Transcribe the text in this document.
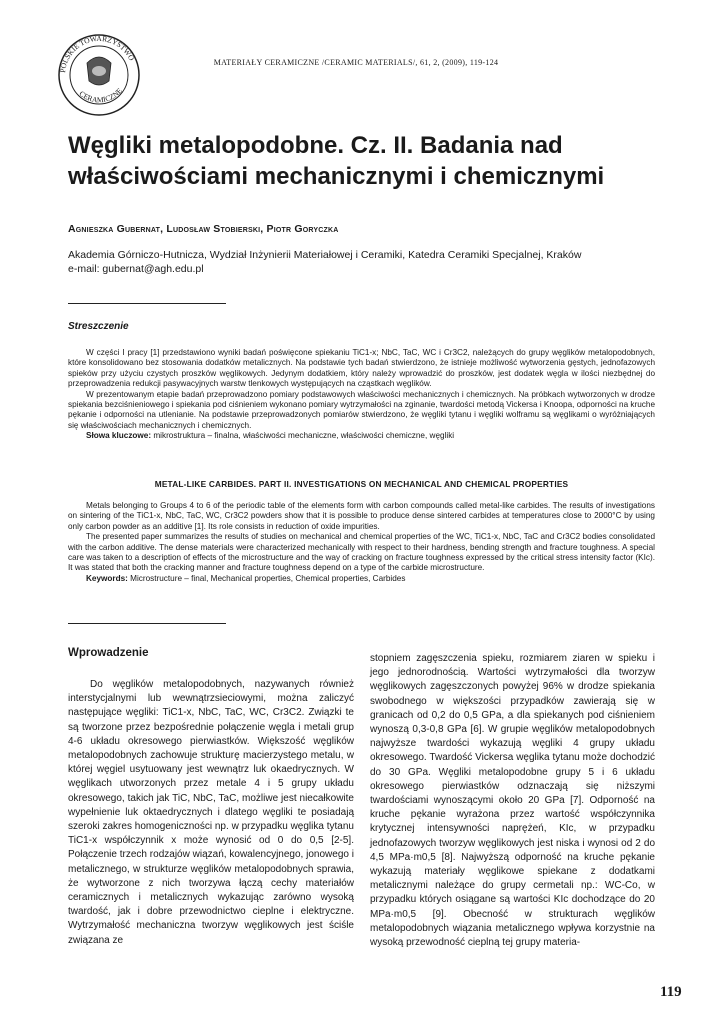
POLSKIE TOWARZYSTWO
CERAMICZNE
MATERIAŁY CERAMICZNE /CERAMIC MATERIALS/, 61, 2, (2009), 119-124
Węgliki metalopodobne. Cz. II. Badania nad
właściwościami mechanicznymi i chemicznymi
Agnieszka Gubernat, Ludosław Stobierski, Piotr Goryczka
Akademia Górniczo-Hutnicza, Wydział Inżynierii Materiałowej i Ceramiki, Katedra Ceramiki Specjalnej, Kraków
e-mail: gubernat@agh.edu.pl
Streszczenie

W części I pracy [1] przedstawiono wyniki badań poświęcone spiekaniu TiC1-x; NbC, TaC, WC i Cr3C2, należących do grupy węglików metalopodobnych, które konsolidowano bez stosowania dodatków metalicznych. Na podstawie tych badań stwierdzono, że istnieje możliwość wytworzenia gęstych, jednofazowych spieków przy użyciu czystych proszków węglikowych. Jedynym dodatkiem, który należy wprowadzić do proszków, jest dodatek węgla w ilości niezbędnej do przeprowadzenia redukcji pasywacyjnych warstw tlenkowych występujących na cząstkach węglików.

W prezentowanym etapie badań przeprowadzono pomiary podstawowych właściwości mechanicznych i chemicznych. Na próbkach wytworzonych w drodze spiekania bezciśnieniowego i spiekania pod ciśnieniem wykonano pomiary wytrzymałości na zginanie, twardości metodą Vickersa i Knoopa, odporności na kruche pękanie i odporności na utlenianie. Na podstawie przeprowadzonych pomiarów stwierdzono, że węgliki tytanu i węgliki wolframu są węglikami o wyróżniających się właściwościach mechanicznych i chemicznych.

Słowa kluczowe: mikrostruktura – finalna, właściwości mechaniczne, właściwości chemiczne, węgliki

METAL-LIKE CARBIDES. PART II. INVESTIGATIONS ON MECHANICAL AND CHEMICAL PROPERTIES

Metals belonging to Groups 4 to 6 of the periodic table of the elements form with carbon compounds called metal-like carbides. The results of investigations on sintering of the TiC1-x, NbC, TaC, WC, Cr3C2 powders show that it is possible to produce dense sintered carbides at temperatures close to 2000°C by using only carbon powder as an additive [1]. Its role consists in reduction of oxide impurities.

The presented paper summarizes the results of studies on mechanical and chemical properties of the WC, TiC1-x, NbC, TaC and Cr3C2 bodies consolidated with the carbon additive. The dense materials were characterized mechanically with respect to their hardness, bending strength and fracture toughness. A special care was taken to a description of effects of the microstructure and the way of cracking on fracture toughness expressed by the critical stress intensity factor (KIc). It was stated that both the cracking manner and fracture toughness depend on a type of the carbide microstructure.

Keywords: Microstructure – final, Mechanical properties, Chemical properties, Carbides

Wprowadzenie

Do węglików metalopodobnych, nazywanych również interstycjalnymi lub wewnątrzsieciowymi, można zaliczyć następujące węgliki: TiC1-x, NbC, TaC, WC, Cr3C2. Związki te są tworzone przez bezpośrednie połączenie węgla i metali grup 4-6 układu okresowego pierwiastków. Większość węglików metalopodobnych zachowuje strukturę macierzystego metalu, w której węgiel usytuowany jest wewnątrz luk okaedrycznych. W węglikach utworzonych przez metale 4 i 5 grupy układu okresowego, takich jak TiC, NbC, TaC, możliwe jest niecałkowite wypełnienie luk oktaedrycznych i dlatego węgliki te posiadają szeroki zakres homogeniczności np. w przypadku węglika tytanu TiC1-x współczynnik x może wynosić od 0 do 0,5 [2-5]. Połączenie trzech rodzajów wiązań, kowalencyjnego, jonowego i metalicznego, w strukturze węglików metalopodobnych sprawia, że wytworzone z nich tworzywa łączą cechy materiałów ceramicznych i metalicznych wykazując zarówno wysoką twardość, jak i dobre przewodnictwo cieplne i elektryczne. Wytrzymałość mechaniczna tworzyw węglikowych jest ściśle związana ze

stopniem zagęszczenia spieku, rozmiarem ziaren w spieku i jego jednorodnością. Wartości wytrzymałości dla tworzyw węglikowych zagęszczonych powyżej 96% w drodze spiekania swobodnego w większości przypadków zawierają się w granicach od 0,2 do 0,5 GPa, a dla spiekanych pod ciśnieniem wynoszą 0,3-0,8 GPa [6]. W grupie węglików metalopodobnych najwyższe twardości wykazują węgliki 4 grupy układu okresowego. Twardość Vickersa węglika tytanu może dochodzić do 30 GPa. Węgliki metalopodobne grupy 5 i 6 układu okresowego pierwiastków odznaczają się niższymi twardościami wynoszącymi około 20 GPa [7]. Odporność na kruche pękanie wyrażona przez wartość współczynnika krytycznej intensywności naprężeń, KIc, w przypadku jednofazowych tworzyw węglikowych jest niska i wynosi od 2 do 4,5 MPa·m0,5 [8]. Najwyższą odporność na kruche pękanie wykazują materiały węglikowe spiekane z dodatkami metalicznymi należące do grupy cermetali np.: WC-Co, w przypadku których osiągane są wartości KIc dochodzące do 20 MPa·m0,5 [9]. Obecność w strukturach węglików metalopodobnych wiązania metalicznego wpływa korzystnie na wysoką przewodność cieplną tej grupy materia-

119
